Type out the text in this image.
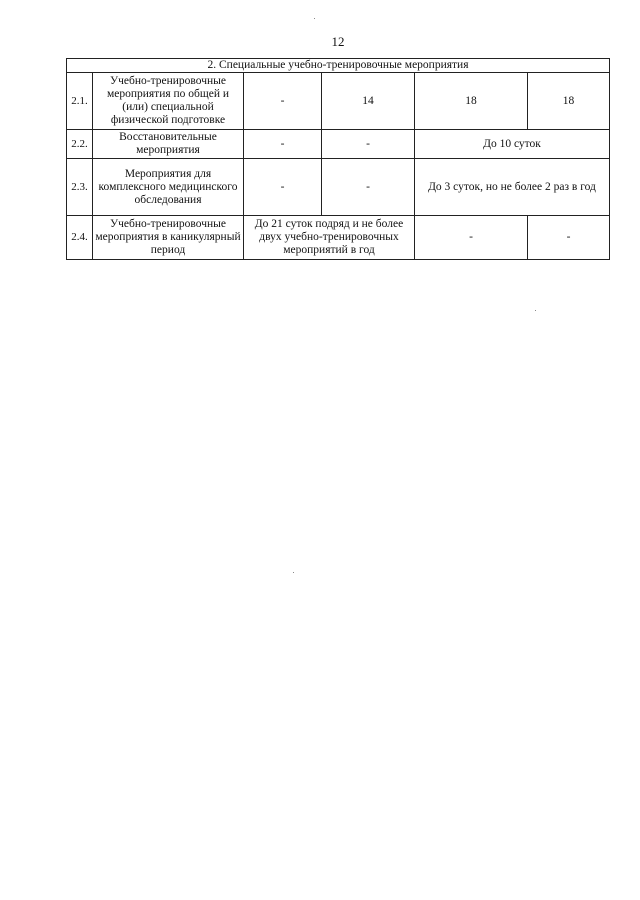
12
2. Специальные учебно-тренировочные мероприятия					
2.1.	Учебно-тренировочные мероприятия по общей и (или) специальной физической подготовке	-	14	18	18
2.2.	Восстановительные мероприятия	-	-	До 10 суток	
2.3.	Мероприятия для комплексного медицинского обследования	-	-	До 3 суток, но не более 2 раз в год	
2.4.	Учебно-тренировочные мероприятия в каникулярный период	До 21 суток подряд и не более двух учебно-тренировочных мероприятий в год		-	-
